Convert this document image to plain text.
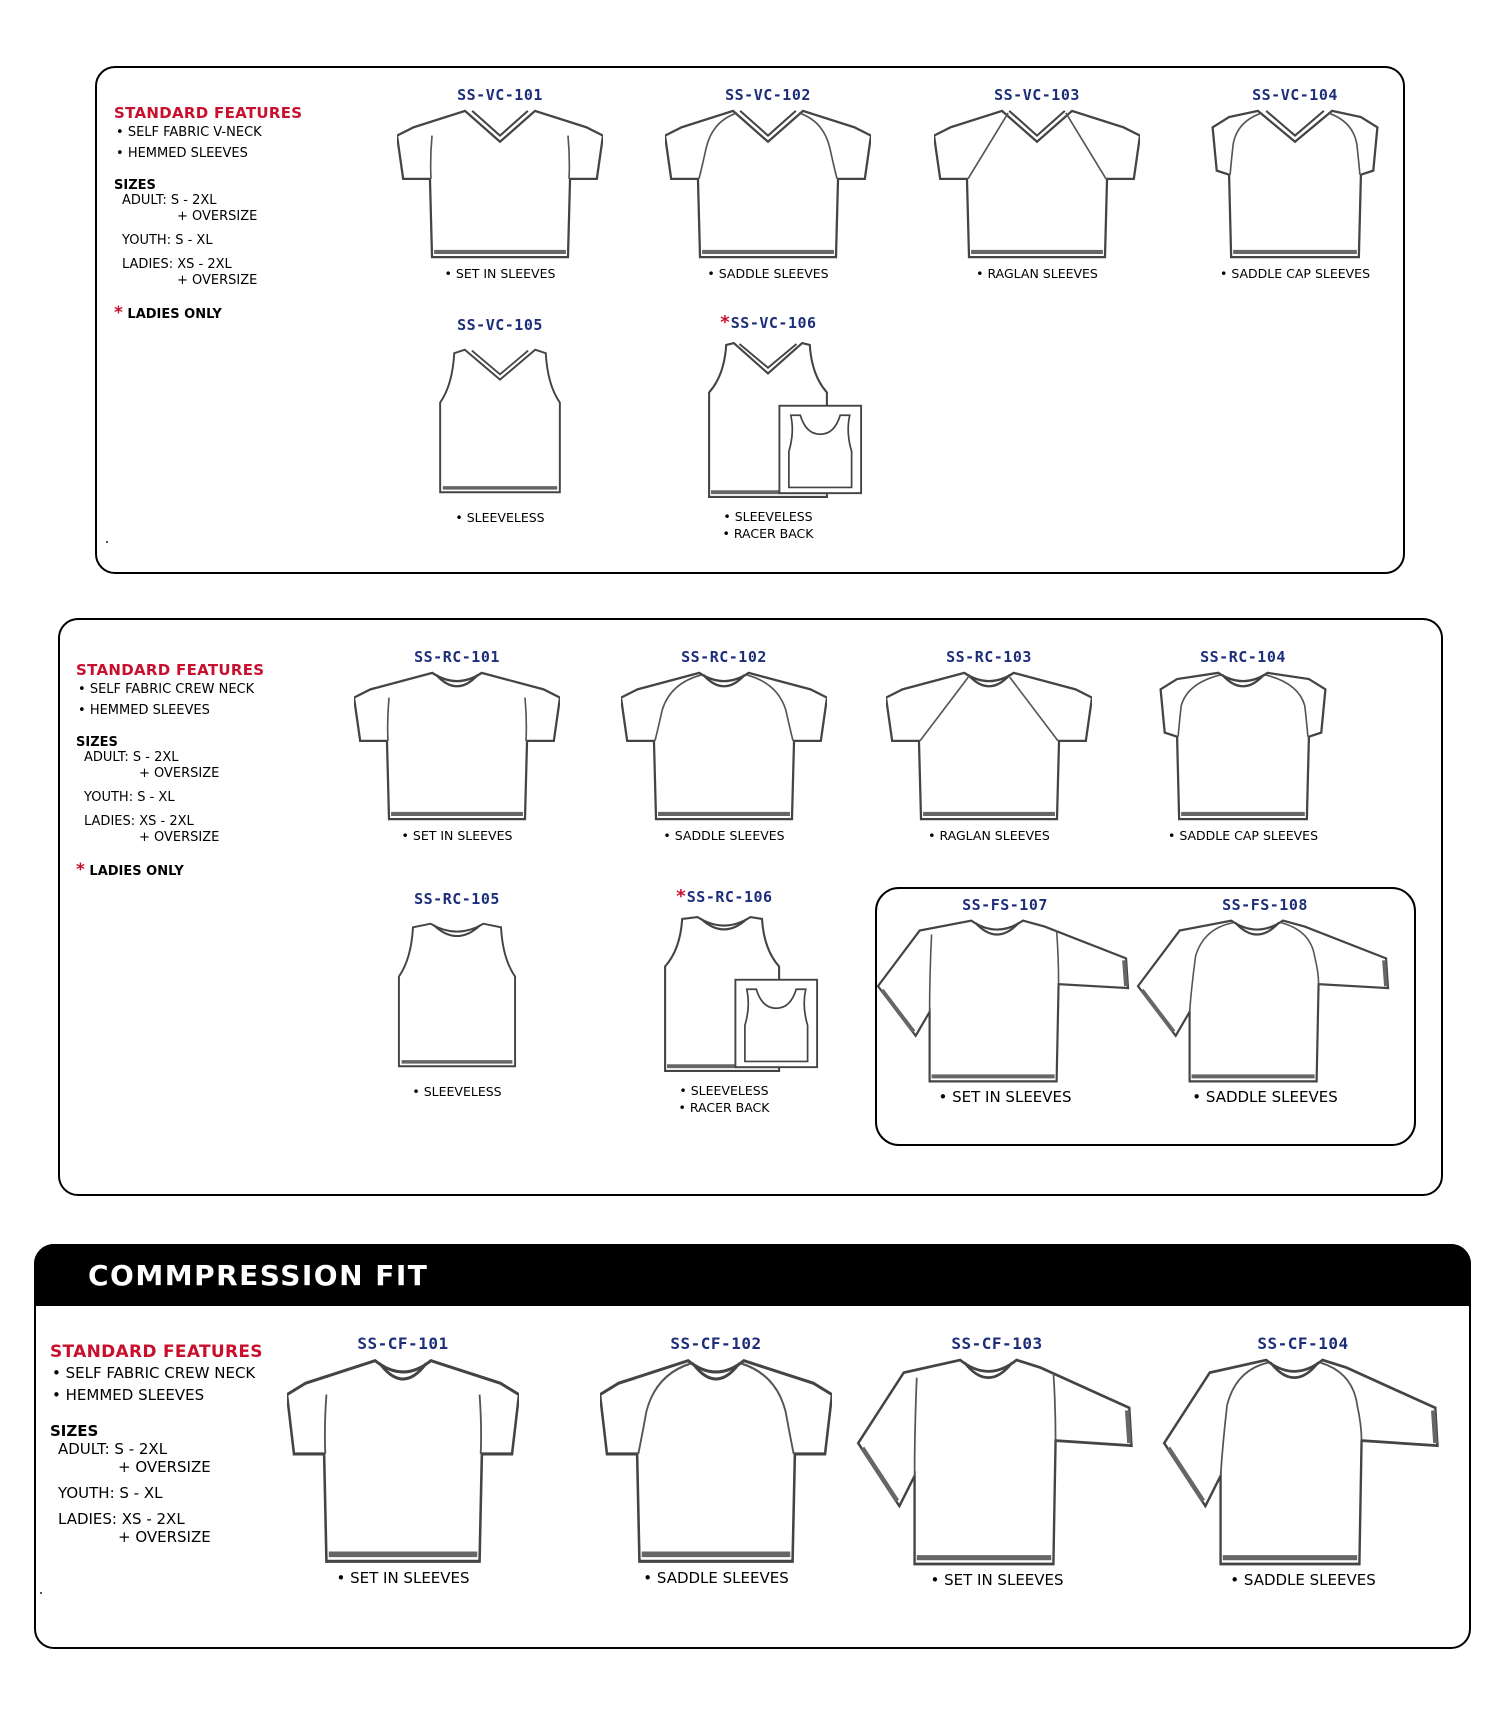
STANDARD FEATURES
• SELF FABRIC V-NECK
• HEMMED SLEEVES
SIZES
ADULT: S - 2XL
+ OVERSIZE
YOUTH: S - XL
LADIES: XS - 2XL
+ OVERSIZE
* LADIES ONLY
SS-VC-101
• SET IN SLEEVES
SS-VC-102
• SADDLE SLEEVES
SS-VC-103
• RAGLAN SLEEVES
SS-VC-104
• SADDLE CAP SLEEVES
SS-VC-105
• SLEEVELESS
*SS-VC-106
• SLEEVELESS
• RACER BACK
STANDARD FEATURES
• SELF FABRIC CREW NECK
• HEMMED SLEEVES
SIZES
ADULT: S - 2XL
+ OVERSIZE
YOUTH: S - XL
LADIES: XS - 2XL
+ OVERSIZE
* LADIES ONLY
SS-RC-101
• SET IN SLEEVES
SS-RC-102
• SADDLE SLEEVES
SS-RC-103
• RAGLAN SLEEVES
SS-RC-104
• SADDLE CAP SLEEVES
SS-RC-105
• SLEEVELESS
*SS-RC-106
• SLEEVELESS
• RACER BACK
SS-FS-107
• SET IN SLEEVES
SS-FS-108
• SADDLE SLEEVES
COMMPRESSION FIT
STANDARD FEATURES
• SELF FABRIC CREW NECK
• HEMMED SLEEVES
SIZES
ADULT: S - 2XL
+ OVERSIZE
YOUTH: S - XL
LADIES: XS - 2XL
+ OVERSIZE
SS-CF-101
• SET IN SLEEVES
SS-CF-102
• SADDLE SLEEVES
SS-CF-103
• SET IN SLEEVES
SS-CF-104
• SADDLE SLEEVES
